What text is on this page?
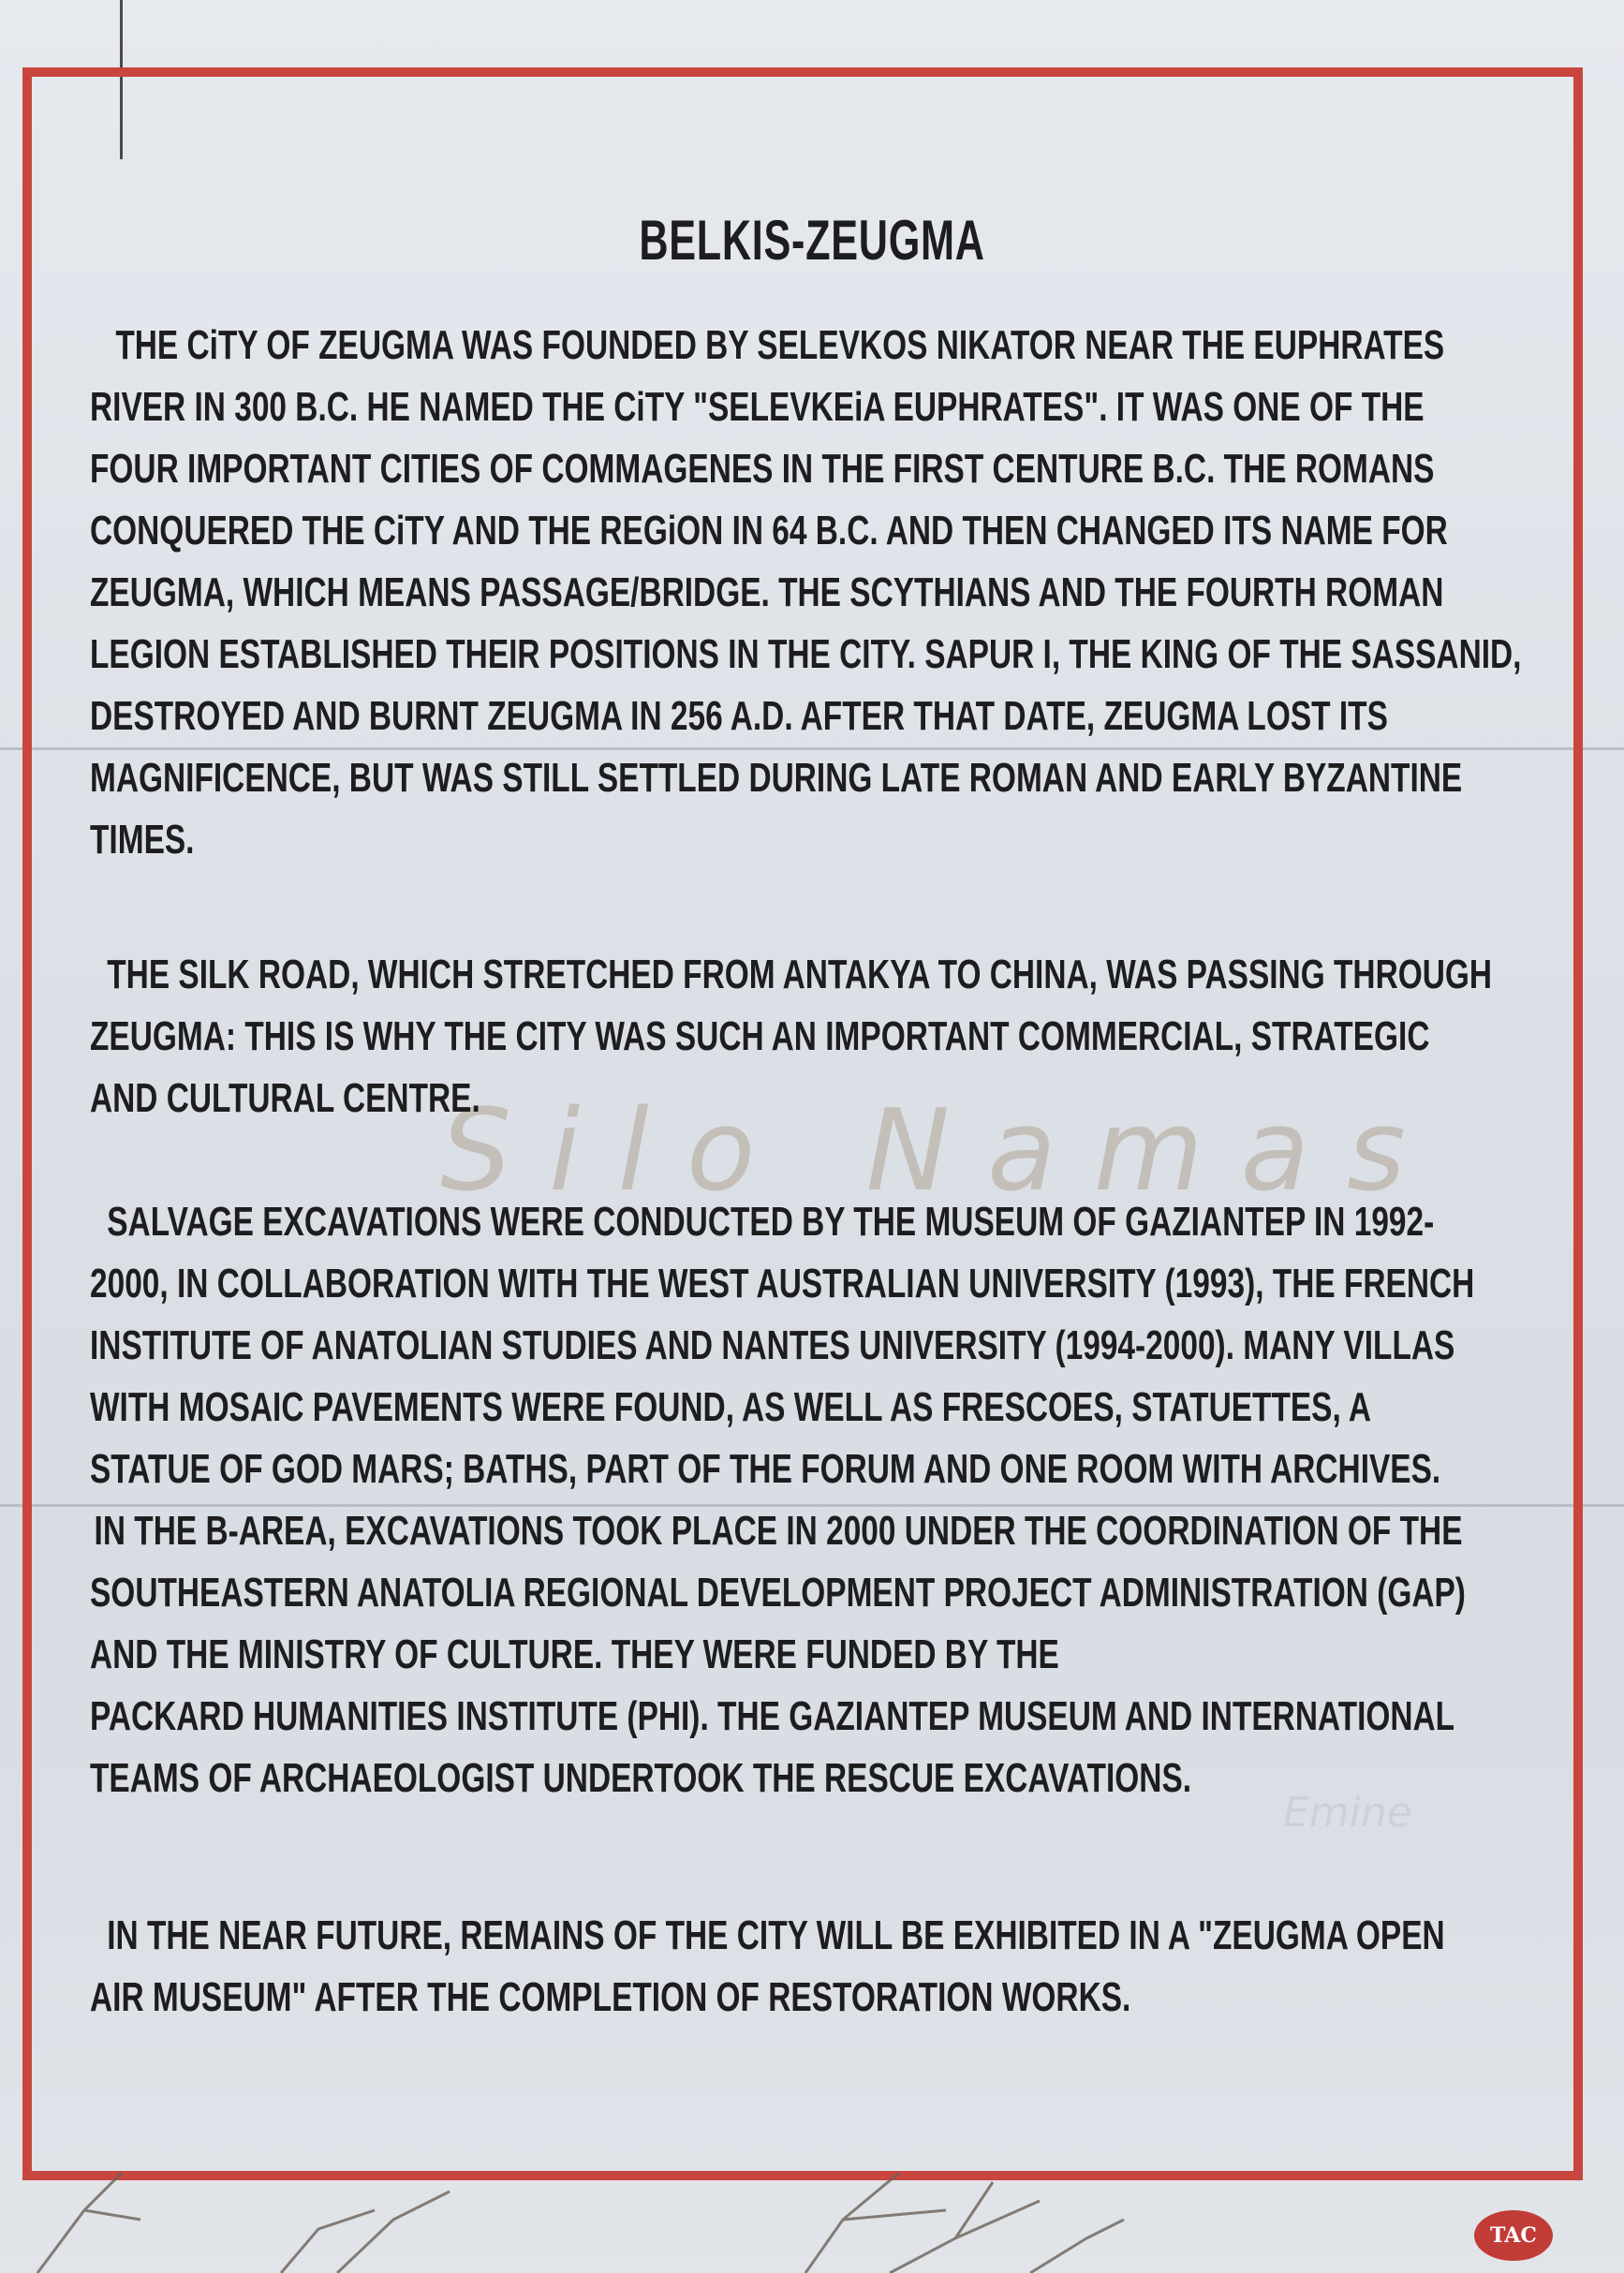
Silo Namas
Emine
BELKIS-ZEUGMA
THE CiTY OF ZEUGMA WAS FOUNDED BY SELEVKOS NIKATOR NEAR THE EUPHRATES
RIVER IN 300 B.C. HE NAMED THE CiTY "SELEVKEiA EUPHRATES". IT WAS ONE OF THE
FOUR IMPORTANT CITIES OF COMMAGENES IN THE FIRST CENTURE B.C. THE ROMANS
CONQUERED THE CiTY AND THE REGiON IN 64 B.C. AND THEN CHANGED ITS NAME FOR
ZEUGMA, WHICH MEANS PASSAGE/BRIDGE. THE SCYTHIANS AND THE FOURTH ROMAN
LEGION ESTABLISHED THEIR POSITIONS IN THE CITY. SAPUR I, THE KING OF THE SASSANID,
DESTROYED AND BURNT ZEUGMA IN 256 A.D. AFTER THAT DATE, ZEUGMA LOST ITS
MAGNIFICENCE, BUT WAS STILL SETTLED DURING LATE ROMAN AND EARLY BYZANTINE
TIMES.
THE SILK ROAD, WHICH STRETCHED FROM ANTAKYA TO CHINA, WAS PASSING THROUGH
ZEUGMA: THIS IS WHY THE CITY WAS SUCH AN IMPORTANT COMMERCIAL, STRATEGIC
AND CULTURAL CENTRE.
SALVAGE EXCAVATIONS WERE CONDUCTED BY THE MUSEUM OF GAZIANTEP IN 1992-
2000, IN COLLABORATION WITH THE WEST AUSTRALIAN UNIVERSITY (1993), THE FRENCH
INSTITUTE OF ANATOLIAN STUDIES AND NANTES UNIVERSITY (1994-2000). MANY VILLAS
WITH MOSAIC PAVEMENTS WERE FOUND, AS WELL AS FRESCOES, STATUETTES, A
STATUE OF GOD MARS; BATHS, PART OF THE FORUM AND ONE ROOM WITH ARCHIVES.
IN THE B-AREA, EXCAVATIONS TOOK PLACE IN 2000 UNDER THE COORDINATION OF THE
SOUTHEASTERN ANATOLIA REGIONAL DEVELOPMENT PROJECT ADMINISTRATION (GAP)
AND THE MINISTRY OF CULTURE. THEY WERE FUNDED BY THE
PACKARD HUMANITIES INSTITUTE (PHI). THE GAZIANTEP MUSEUM AND INTERNATIONAL
TEAMS OF ARCHAEOLOGIST UNDERTOOK THE RESCUE EXCAVATIONS.
IN THE NEAR FUTURE, REMAINS OF THE CITY WILL BE EXHIBITED IN A "ZEUGMA OPEN
AIR MUSEUM" AFTER THE COMPLETION OF RESTORATION WORKS.
TAC
